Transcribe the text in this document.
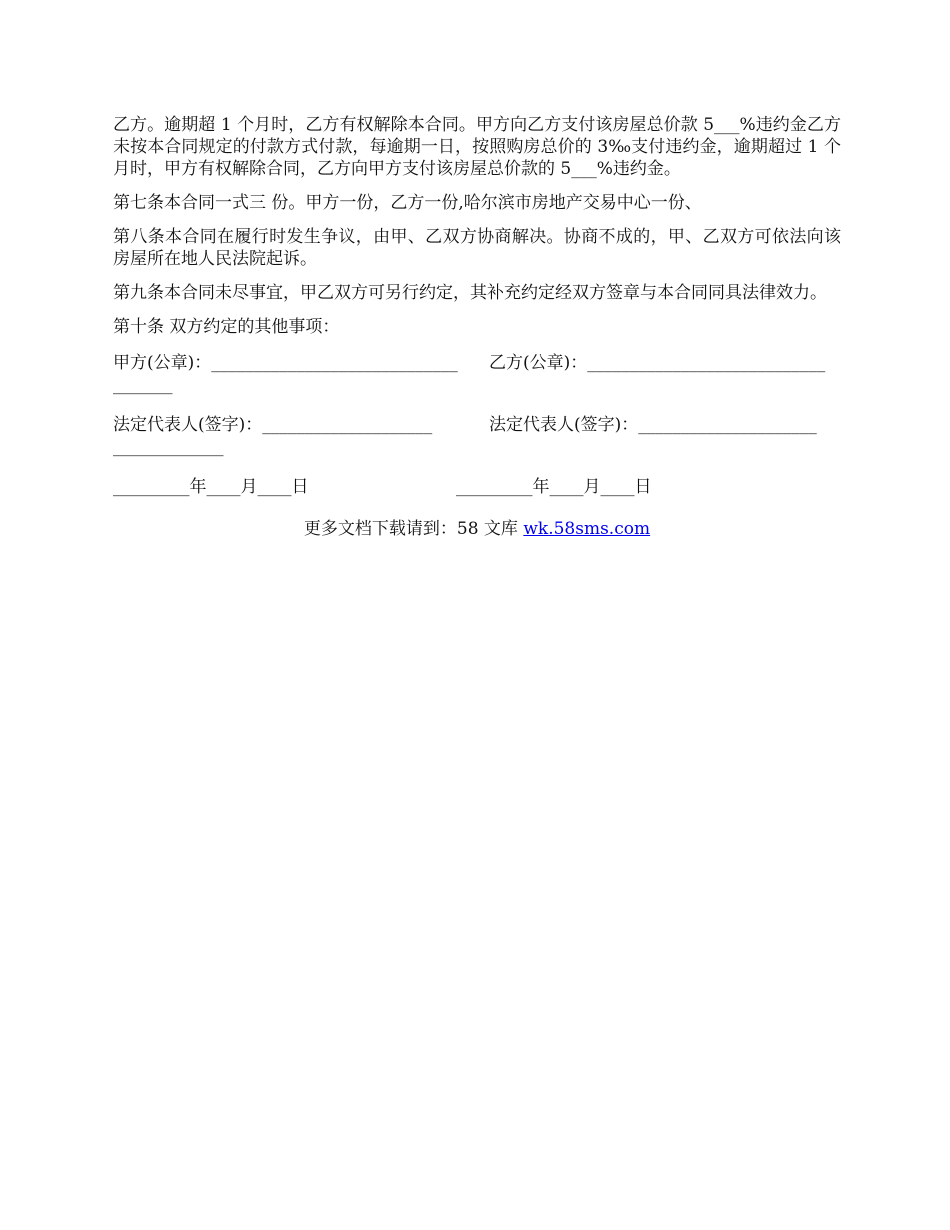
乙方。逾期超 1 个月时，乙方有权解除本合同。甲方向乙方支付该房屋总价款 5___%违约金乙方未按本合同规定的付款方式付款，每逾期一日，按照购房总价的 3‰支付违约金，逾期超过 1 个月时，甲方有权解除合同，乙方向甲方支付该房屋总价款的 5___%违约金。

第七条本合同一式三 份。甲方一份，乙方一份,哈尔滨市房地产交易中心一份、

第八条本合同在履行时发生争议，由甲、乙双方协商解决。协商不成的，甲、乙双方可依法向该房屋所在地人民法院起诉。

第九条本合同未尽事宜，甲乙双方可另行约定，其补充约定经双方签章与本合同同具法律效力。

第十条 双方约定的其他事项：

甲方(公章)：_____________________________ 乙方(公章)：____________________________
_______
法定代表人(签字)：____________________	法定代表人(签字)：_____________________
_____________
_________年____月____日	_________年____月____日
更多文档下载请到：58 文库 wk.58sms.com
